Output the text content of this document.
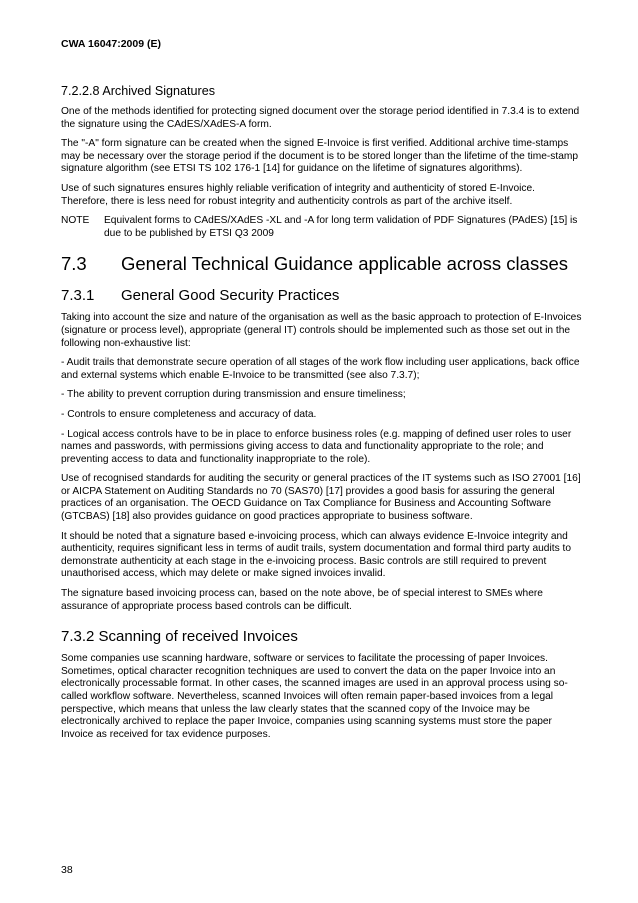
CWA 16047:2009 (E)
7.2.2.8 Archived Signatures

One of the methods identified for protecting signed document over the storage period identified in 7.3.4 is to extend the signature using the CAdES/XAdES-A form.

The "-A" form signature can be created when the signed E-Invoice is first verified. Additional archive time-stamps may be necessary over the storage period if the document is to be stored longer than the lifetime of the time-stamp signature algorithm (see ETSI TS 102 176-1 [14] for guidance on the lifetime of signatures algorithms).

Use of such signatures ensures highly reliable verification of integrity and authenticity of stored E-Invoice. Therefore, there is less need for robust integrity and authenticity controls as part of the archive itself.

NOTE	Equivalent forms to CAdES/XAdES -XL and -A for long term validation of PDF Signatures (PAdES) [15] is due to be published by ETSI Q3 2009
7.3	General Technical Guidance applicable across classes
7.3.1	General Good Security Practices

Taking into account the size and nature of the organisation as well as the basic approach to protection of E-Invoices (signature or process level), appropriate (general IT) controls should be implemented such as those set out in the following non-exhaustive list:

- Audit trails that demonstrate secure operation of all stages of the work flow including user applications, back office and external systems which enable E-Invoice to be transmitted (see also 7.3.7);

- The ability to prevent corruption during transmission and ensure timeliness;

- Controls to ensure completeness and accuracy of data.

- Logical access controls have to be in place to enforce business roles (e.g. mapping of defined user roles to user names and passwords, with permissions giving access to data and functionality appropriate to the role; and preventing access to data and functionality inappropriate to the role).

Use of recognised standards for auditing the security or general practices of the IT systems such as ISO 27001 [16] or AICPA Statement on Auditing Standards no 70 (SAS70) [17] provides a good basis for assuring the general practices of an organisation. The OECD Guidance on Tax Compliance for Business and Accounting Software (GTCBAS) [18] also provides guidance on good practices appropriate to business software.

It should be noted that a signature based e-invoicing process, which can always evidence E-Invoice integrity and authenticity, requires significant less in terms of audit trails, system documentation and formal third party audits to demonstrate authenticity at each stage in the e-invoicing process. Basic controls are still required to prevent unauthorised access, which may delete or make signed invoices invalid.

The signature based invoicing process can, based on the note above, be of special interest to SMEs where assurance of appropriate process based controls can be difficult.

7.3.2 Scanning of received Invoices

Some companies use scanning hardware, software or services to facilitate the processing of paper Invoices. Sometimes, optical character recognition techniques are used to convert the data on the paper Invoice into an electronically processable format. In other cases, the scanned images are used in an approval process using so-called workflow software. Nevertheless, scanned Invoices will often remain paper-based invoices from a legal perspective, which means that unless the law clearly states that the scanned copy of the Invoice may be electronically archived to replace the paper Invoice, companies using scanning systems must store the paper Invoice as received for tax evidence purposes.

38
